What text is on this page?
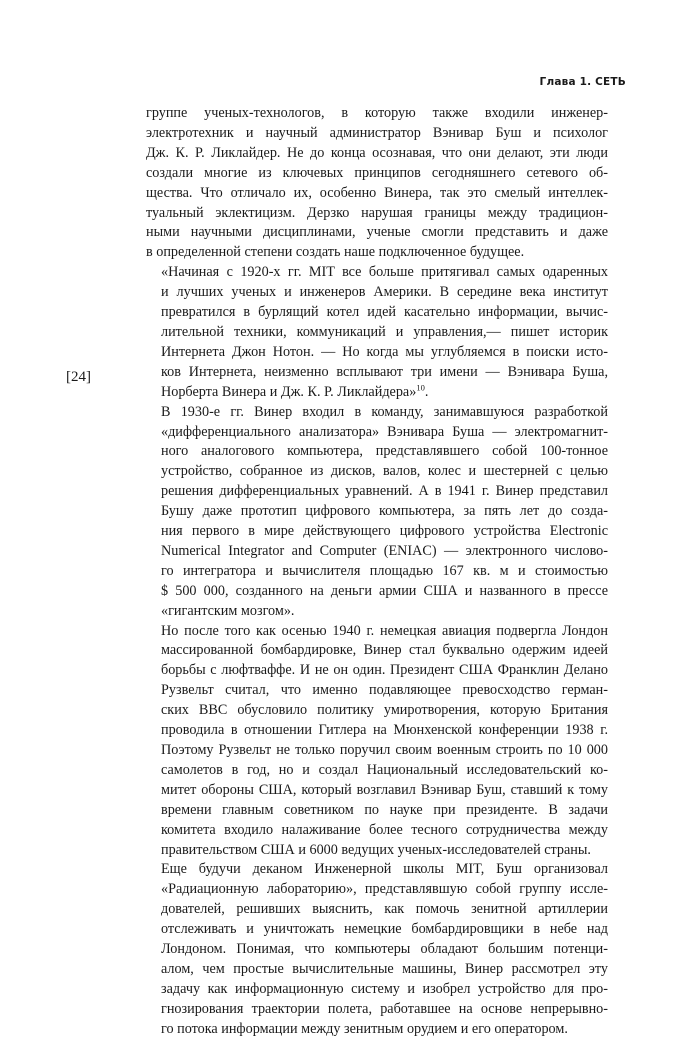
Глава 1. СЕТЬ
[24]

группе ученых-технологов, в которую также входили инженер-
электротехник и научный администратор Вэнивар Буш и психолог
Дж. К. Р. Ликлайдер. Не до конца осознавая, что они делают, эти люди
создали многие из ключевых принципов сегодняшнего сетевого об-
щества. Что отличало их, особенно Винера, так это смелый интеллек-
туальный эклектицизм. Дерзко нарушая границы между традицион-
ными научными дисциплинами, ученые смогли представить и даже
в определенной степени создать наше подключенное будущее.

«Начиная с 1920-х гг. MIT все больше притягивал самых одаренных
и лучших ученых и инженеров Америки. В середине века институт
превратился в бурлящий котел идей касательно информации, вычис-
лительной техники, коммуникаций и управления,— пишет историк
Интернета Джон Нотон. — Но когда мы углубляемся в поиски исто-
ков Интернета, неизменно всплывают три имени — Вэнивара Буша,
Норберта Винера и Дж. К. Р. Ликлайдера»$^{10}$.

В 1930-е гг. Винер входил в команду, занимавшуюся разработкой
«дифференциального анализатора» Вэнивара Буша — электромагнит-
ного аналогового компьютера, представлявшего собой 100-тонное
устройство, собранное из дисков, валов, колес и шестерней с целью
решения дифференциальных уравнений. А в 1941 г. Винер представил
Бушу даже прототип цифрового компьютера, за пять лет до созда-
ния первого в мире действующего цифрового устройства Electronic
Numerical Integrator and Computer (ENIAC) — электронного числово-
го интегратора и вычислителя площадью 167 кв. м и стоимостью
$ 500 000, созданного на деньги армии США и названного в прессе
«гигантским мозгом».

Но после того как осенью 1940 г. немецкая авиация подвергла Лондон
массированной бомбардировке, Винер стал буквально одержим идеей
борьбы с люфтваффе. И не он один. Президент США Франклин Делано
Рузвельт считал, что именно подавляющее превосходство герман-
ских ВВС обусловило политику умиротворения, которую Британия
проводила в отношении Гитлера на Мюнхенской конференции 1938 г.
Поэтому Рузвельт не только поручил своим военным строить по 10 000
самолетов в год, но и создал Национальный исследовательский ко-
митет обороны США, который возглавил Вэнивар Буш, ставший к тому
времени главным советником по науке при президенте. В задачи
комитета входило налаживание более тесного сотрудничества между
правительством США и 6000 ведущих ученых-исследователей страны.

Еще будучи деканом Инженерной школы MIT, Буш организовал
«Радиационную лабораторию», представлявшую собой группу иссле-
дователей, решивших выяснить, как помочь зенитной артиллерии
отслеживать и уничтожать немецкие бомбардировщики в небе над
Лондоном. Понимая, что компьютеры обладают большим потенци-
алом, чем простые вычислительные машины, Винер рассмотрел эту
задачу как информационную систему и изобрел устройство для про-
гнозирования траектории полета, работавшее на основе непрерывно-
го потока информации между зенитным орудием и его оператором.
